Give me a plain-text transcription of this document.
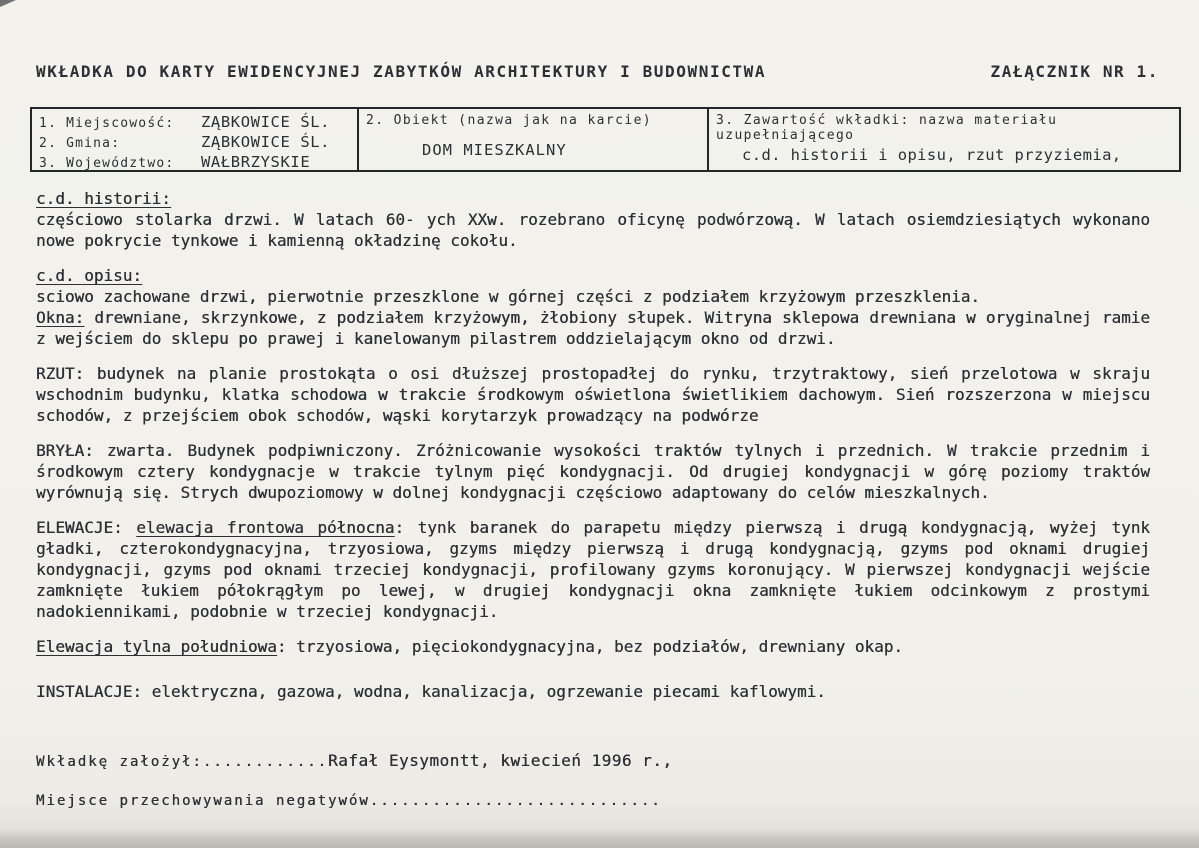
WKŁADKA DO KARTY EWIDENCYJNEJ ZABYTKÓW ARCHITEKTURY I BUDOWNICTWA	ZAŁĄCZNIK NR 1.
1. Miejscowość:	ZĄBKOWICE ŚL.
2. Gmina:	ZĄBKOWICE ŚL.
3. Województwo:	WAŁBRZYSKIE
2. Obiekt (nazwa jak na karcie)
DOM MIESZKALNY
3. Zawartość wkładki: nazwa materiału uzupełniającego
c.d. historii i opisu, rzut przyziemia,

c.d. historii:

częściowo stolarka drzwi. W latach 60- ych XXw. rozebrano oficynę podwórzową. W latach osiemdziesiątych wykonano nowe pokrycie tynkowe i kamienną okładzinę cokołu.

c.d. opisu:

sciowo zachowane drzwi, pierwotnie przeszklone w górnej części z podziałem krzyżowym przeszklenia.

Okna: drewniane, skrzynkowe, z podziałem krzyżowym, żłobiony słupek. Witryna sklepowa drewniana w oryginalnej ramie z wejściem do sklepu po prawej i kanelowanym pilastrem oddzielającym okno od drzwi.

RZUT: budynek na planie prostokąta o osi dłuższej prostopadłej do rynku, trzytraktowy, sień przelotowa w skraju wschodnim budynku, klatka schodowa w trakcie środkowym oświetlona świetlikiem dachowym. Sień rozszerzona w miejscu schodów, z przejściem obok schodów, wąski korytarzyk prowadzący na podwórze

BRYŁA: zwarta. Budynek podpiwniczony. Zróżnicowanie wysokości traktów tylnych i przednich. W trakcie przednim i środkowym cztery kondygnacje w trakcie tylnym pięć kondygnacji. Od drugiej kondygnacji w górę poziomy traktów wyrównują się. Strych dwupoziomowy w dolnej kondygnacji częściowo adaptowany do celów mieszkalnych.

ELEWACJE: elewacja frontowa północna: tynk baranek do parapetu między pierwszą i drugą kondygnacją, wyżej tynk gładki, czterokondygnacyjna, trzyosiowa, gzyms między pierwszą i drugą kondygnacją, gzyms pod oknami drugiej kondygnacji, gzyms pod oknami trzeciej kondygnacji, profilowany gzyms koronujący. W pierwszej kondygnacji wejście zamknięte łukiem półokrągłym po lewej, w drugiej kondygnacji okna zamknięte łukiem odcinkowym z prostymi nadokiennikami, podobnie w trzeciej kondygnacji.

Elewacja tylna południowa: trzyosiowa, pięciokondygnacyjna, bez podziałów, drewniany okap.

INSTALACJE: elektryczna, gazowa, wodna, kanalizacja, ogrzewanie piecami kaflowymi.

Wkładkę założył:............Rafał Eysymontt, kwiecień 1996 r.,
Miejsce przechowywania negatywów............................
